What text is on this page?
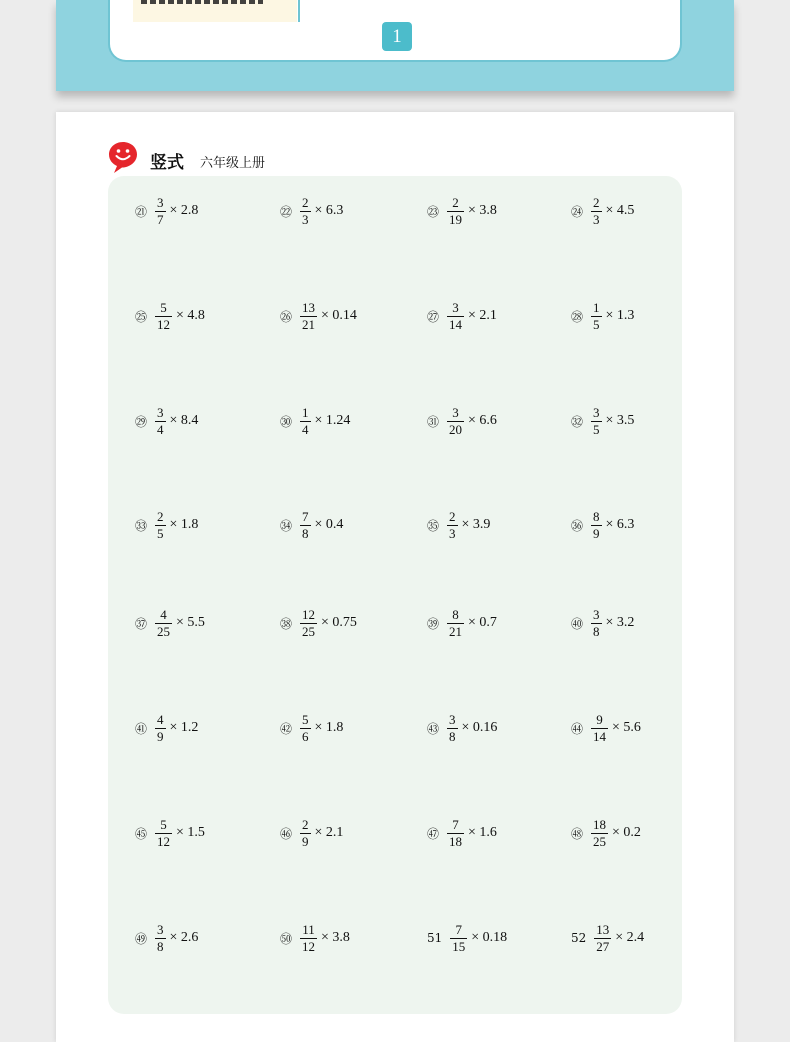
1
竖式 六年级上册
㉑ $\frac{3}{7} \times 2.8$	㉒ $\frac{2}{3} \times 6.3$	㉓ $\frac{2}{19} \times 3.8$	㉔ $\frac{2}{3} \times 4.5$
㉕ $\frac{5}{12} \times 4.8$	㉖ $\frac{13}{21} \times 0.14$	㉗ $\frac{3}{14} \times 2.1$	㉘ $\frac{1}{5} \times 1.3$
㉙ $\frac{3}{4} \times 8.4$	㉚ $\frac{1}{4} \times 1.24$	㉛ $\frac{3}{20} \times 6.6$	㉜ $\frac{3}{5} \times 3.5$
㉝ $\frac{2}{5} \times 1.8$	㉞ $\frac{7}{8} \times 0.4$	㉟ $\frac{2}{3} \times 3.9$	㊱ $\frac{8}{9} \times 6.3$
㊲ $\frac{4}{25} \times 5.5$	㊳ $\frac{12}{25} \times 0.75$	㊴ $\frac{8}{21} \times 0.7$	㊵ $\frac{3}{8} \times 3.2$
㊶ $\frac{4}{9} \times 1.2$	㊷ $\frac{5}{6} \times 1.8$	㊸ $\frac{3}{8} \times 0.16$	㊹ $\frac{9}{14} \times 5.6$
㊺ $\frac{5}{12} \times 1.5$	㊻ $\frac{2}{9} \times 2.1$	㊼ $\frac{7}{18} \times 1.6$	㊽ $\frac{18}{25} \times 0.2$
㊾ $\frac{3}{8} \times 2.6$	㊿ $\frac{11}{12} \times 3.8$	$51 \frac{7}{15} \times 0.18$	$52 \frac{13}{27} \times 2.4$
